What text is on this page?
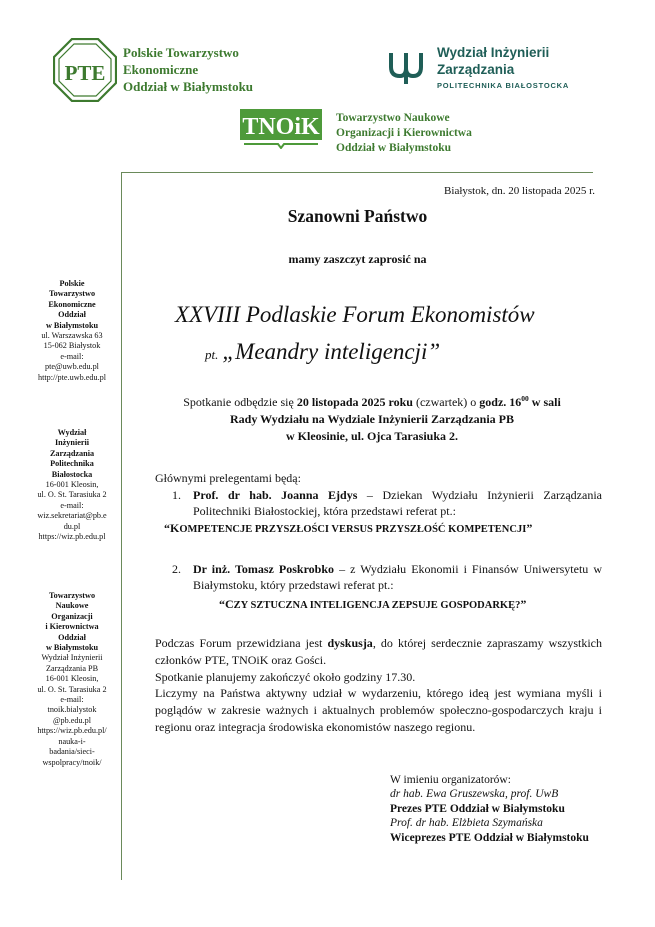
PTE
Polskie Towarzystwo
Ekonomiczne
Oddział w Białymstoku
Wydział Inżynierii
Zarządzania
POLITECHNIKA BIAŁOSTOCKA
TNOiK Towarzystwo Naukowe
Organizacji i Kierownictwa
Oddział w Białymstoku
Polskie
Towarzystwo
Ekonomiczne
Oddział
w Białymstoku
ul. Warszawska 63
15-062 Białystok
e-mail:
pte@uwb.edu.pl
http://pte.uwb.edu.pl
Wydział
Inżynierii
Zarządzania
Politechnika
Białostocka
16-001 Kleosin,
ul. O. St. Tarasiuka 2
e-mail:
wiz.sekretariat@pb.e
du.pl
https://wiz.pb.edu.pl
Towarzystwo
Naukowe
Organizacji
i Kierownictwa
Oddział
w Białymstoku
Wydział Inżynierii
Zarządzania PB
16-001 Kleosin,
ul. O. St. Tarasiuka 2
e-mail:
tnoik.bialystok
@pb.edu.pl
https://wiz.pb.edu.pl/
nauka-i-
badania/sieci-
wspolpracy/tnoik/
Białystok, dn. 20 listopada 2025 r.
Szanowni Państwo
mamy zaszczyt zaprosić na
XXVIII Podlaskie Forum Ekonomistów
pt. „Meandry inteligencji”
Spotkanie odbędzie się 20 listopada 2025 roku (czwartek) o godz. $16^{00}$ w sali
Rady Wydziału na Wydziale Inżynierii Zarządzania PB
w Kleosinie, ul. Ojca Tarasiuka 2.
Głównymi prelegentami będą:
1. Prof. dr hab. Joanna Ejdys – Dziekan Wydziału Inżynierii Zarządzania Politechniki Białostockiej, która przedstawi referat pt.:
“KOMPETENCJE PRZYSZŁOŚCI VERSUS PRZYSZŁOŚĆ KOMPETENCJI”
2. Dr inż. Tomasz Poskrobko – z Wydziału Ekonomii i Finansów Uniwersytetu w Białymstoku, który przedstawi referat pt.:
“CZY SZTUCZNA INTELIGENCJA ZEPSUJE GOSPODARKĘ?”
Podczas Forum przewidziana jest dyskusja, do której serdecznie zapraszamy wszystkich członków PTE, TNOiK oraz Gości.
Spotkanie planujemy zakończyć około godziny 17.30.
Liczymy na Państwa aktywny udział w wydarzeniu, którego ideą jest wymiana myśli i poglądów w zakresie ważnych i aktualnych problemów społeczno-gospodarczych kraju i regionu oraz integracja środowiska ekonomistów naszego regionu.
W imieniu organizatorów:
dr hab. Ewa Gruszewska, prof. UwB
Prezes PTE Oddział w Białymstoku
Prof. dr hab. Elżbieta Szymańska
Wiceprezes PTE Oddział w Białymstoku
